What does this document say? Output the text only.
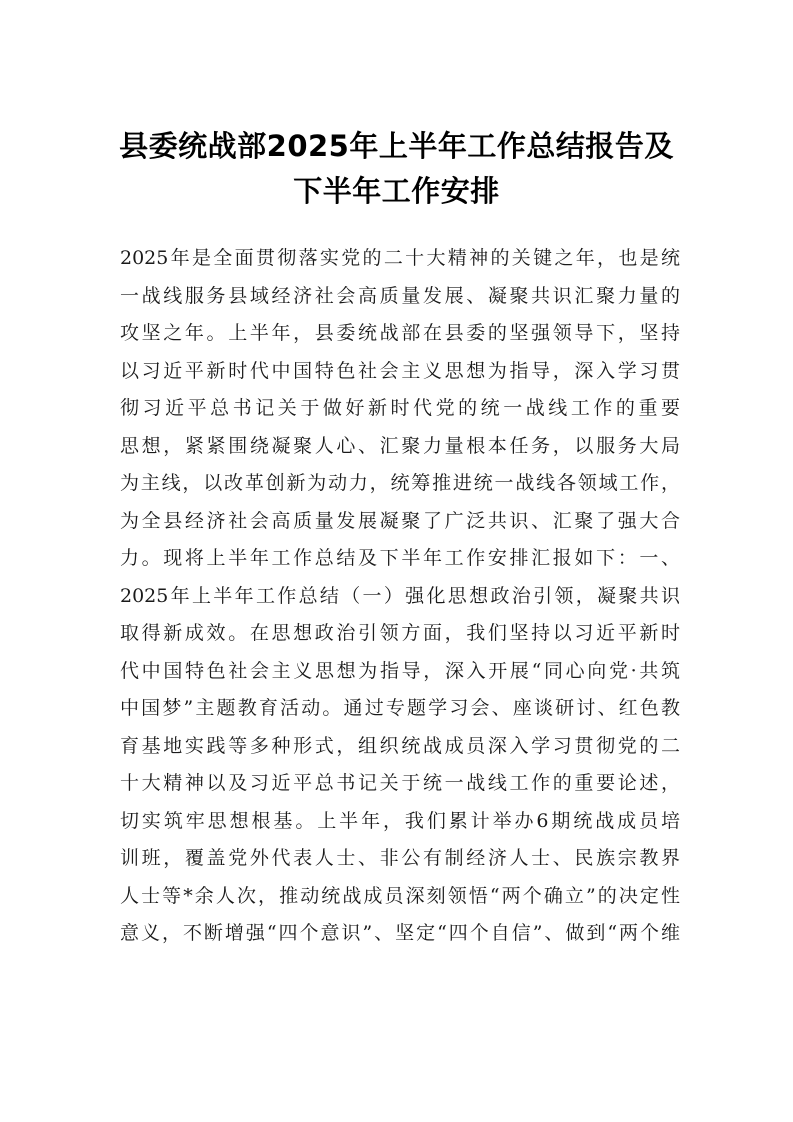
县委统战部2025年上半年工作总结报告及
下半年工作安排
2025年是全面贯彻落实党的二十大精神的关键之年，也是统
一战线服务县域经济社会高质量发展、凝聚共识汇聚力量的
攻坚之年。上半年，县委统战部在县委的坚强领导下，坚持
以习近平新时代中国特色社会主义思想为指导，深入学习贯
彻习近平总书记关于做好新时代党的统一战线工作的重要
思想，紧紧围绕凝聚人心、汇聚力量根本任务，以服务大局
为主线，以改革创新为动力，统筹推进统一战线各领域工作，
为全县经济社会高质量发展凝聚了广泛共识、汇聚了强大合
力。现将上半年工作总结及下半年工作安排汇报如下：一、
2025年上半年工作总结（一）强化思想政治引领，凝聚共识
取得新成效。在思想政治引领方面，我们坚持以习近平新时
代中国特色社会主义思想为指导，深入开展“同心向党·共筑
中国梦”主题教育活动。通过专题学习会、座谈研讨、红色教
育基地实践等多种形式，组织统战成员深入学习贯彻党的二
十大精神以及习近平总书记关于统一战线工作的重要论述，
切实筑牢思想根基。上半年，我们累计举办6期统战成员培
训班，覆盖党外代表人士、非公有制经济人士、民族宗教界
人士等*余人次，推动统战成员深刻领悟“两个确立”的决定性
意义，不断增强“四个意识”、坚定“四个自信”、做到“两个维
